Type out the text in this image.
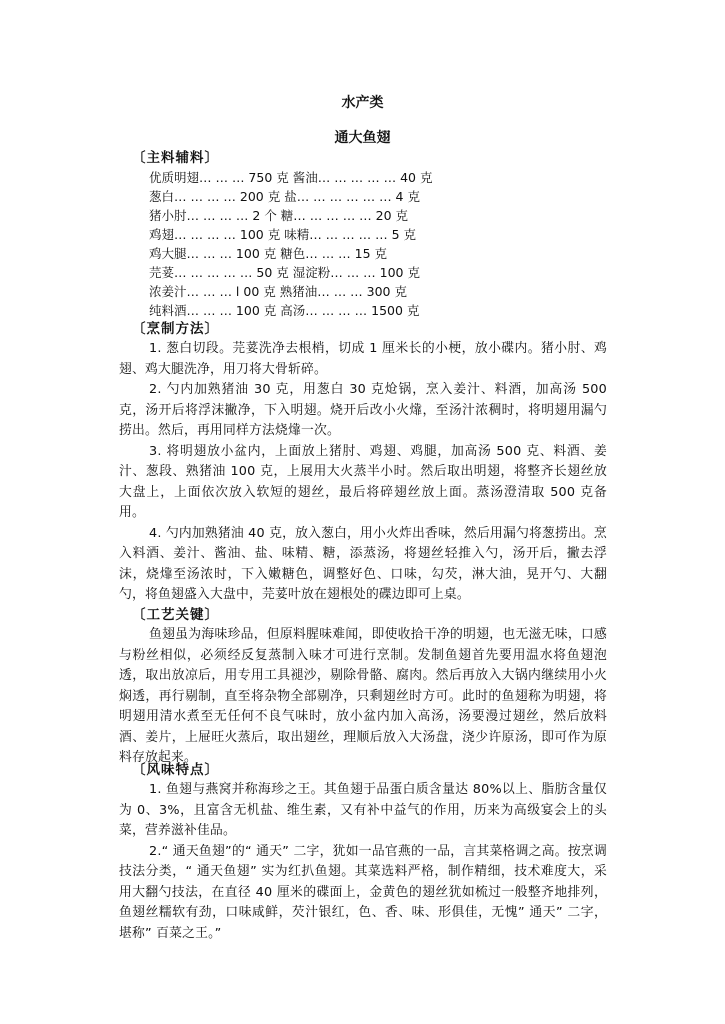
水产类
通大鱼翅
〔主料辅料〕
优质明翅… … … 750 克 酱油… … … … … 40 克
葱白… … … … 200 克 盐… … … … … … 4 克
猪小肘… … … … 2 个 糖… … … … … 20 克
鸡翅… … … … 100 克 味精… … … … … 5 克
鸡大腿… … … 100 克 糖色… … … 15 克
芫荽… … … … … 50 克 湿淀粉… … … 100 克
浓姜汁… … … l 00 克 熟猪油… … … 300 克
纯料酒… … … 100 克 高汤… … … … 1500 克
〔烹制方法〕

1. 葱白切段。芫荽洗净去根梢，切成 1 厘米长的小梗，放小碟内。猪小肘、鸡翅、鸡大腿洗净，用刀将大骨斩碎。

2. 勺内加熟猪油 30 克，用葱白 30 克炝锅，烹入姜汁、料酒，加高汤 500 克，汤开后将浮沫撇净，下入明翅。烧开后改小火㸆，至汤汁浓稠时，将明翅用漏勺捞出。然后，再用同样方法烧㸆一次。

3. 将明翅放小盆内，上面放上猪肘、鸡翅、鸡腿，加高汤 500 克、料酒、姜汁、葱段、熟猪油 100 克，上展用大火蒸半小时。然后取出明翅，将整齐长翅丝放大盘上，上面依次放入软短的翅丝，最后将碎翅丝放上面。蒸汤澄清取 500 克备用。

4. 勺内加熟猪油 40 克，放入葱白，用小火炸出香味，然后用漏勺将葱捞出。烹入料酒、姜汁、酱油、盐、味精、糖，添蒸汤，将翅丝轻推入勺，汤开后，撇去浮沫，烧㸆至汤浓时，下入嫩糖色，调整好色、口味，勾芡，淋大油，晃开勺、大翻勺，将鱼翅盛入大盘中，芫荽叶放在翅根处的碟边即可上桌。

〔工艺关键〕

鱼翅虽为海味珍品，但原料腥味难闻，即使收拾干净的明翅，也无滋无味，口感与粉丝相似，必须经反复蒸制入味才可进行烹制。发制鱼翅首先要用温水将鱼翅泡透，取出放凉后，用专用工具褪沙，剔除骨骼、腐肉。然后再放入大锅内继续用小火焖透，再行剔制，直至将杂物全部剔净，只剩翅丝时方可。此时的鱼翅称为明翅，将明翅用清水煮至无任何不良气味时，放小盆内加入高汤，汤要漫过翅丝，然后放料酒、姜片，上屉旺火蒸后，取出翅丝，理顺后放入大汤盘，浇少许原汤，即可作为原料存放起来。

〔风味特点〕

1. 鱼翅与燕窝并称海珍之王。其鱼翅于品蛋白质含量达 80%以上、脂肪含量仅为 0、3%，且富含无机盐、维生素，又有补中益气的作用，历来为高级宴会上的头菜，营养滋补佳品。

2.“ 通天鱼翅”的“ 通天” 二字，犹如一品官燕的一品，言其菜格调之高。按烹调技法分类，“ 通天鱼翅” 实为红扒鱼翅。其菜选料严格，制作精细，技术难度大，采用大翻勺技法，在直径 40 厘米的碟面上，金黄色的翅丝犹如梳过一般整齐地排列，鱼翅丝糯软有劲，口味咸鲜，芡汁银红，色、香、味、形俱佳，无愧” 通天” 二字，堪称” 百菜之王。”
